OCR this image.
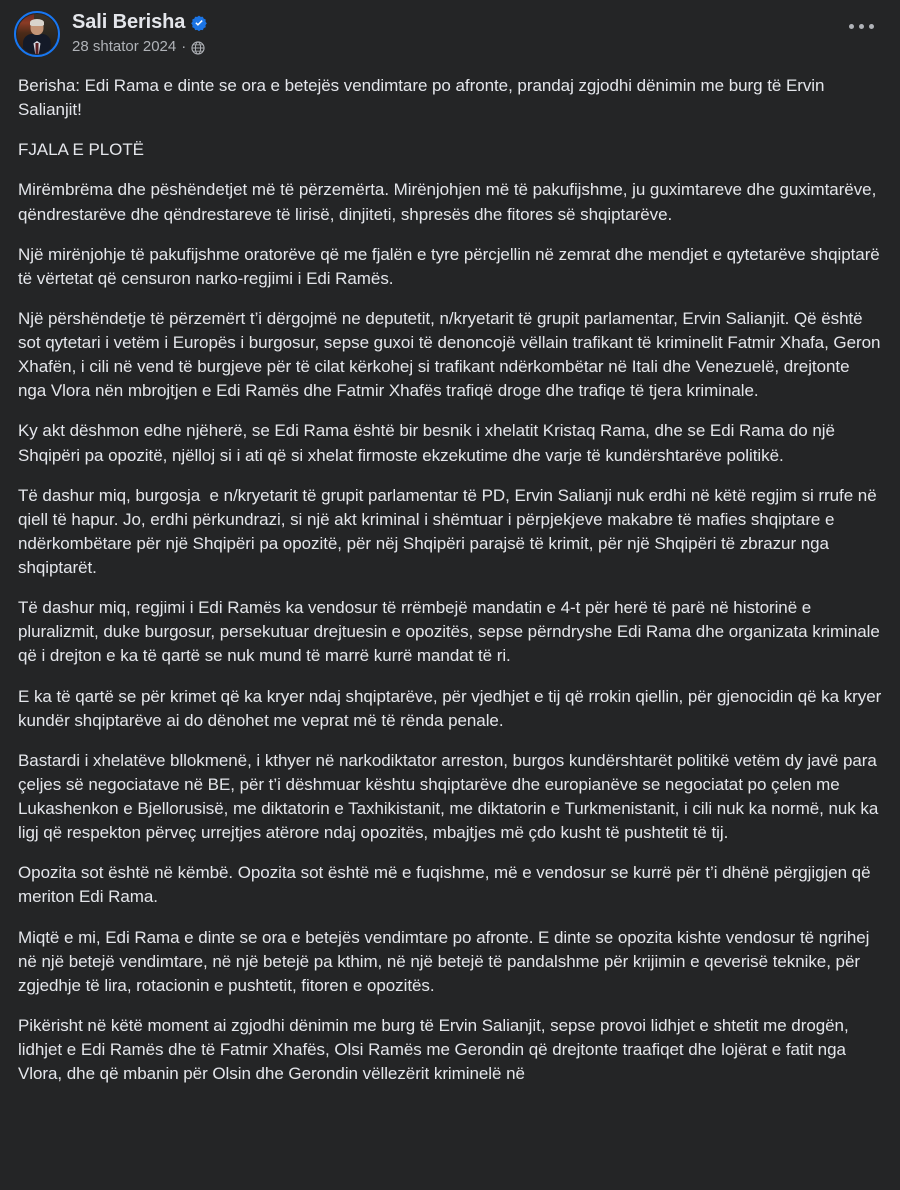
Sali Berisha
28 shtator 2024 ·

Berisha: Edi Rama e dinte se ora e betejës vendimtare po afronte, prandaj zgjodhi dënimin me burg të Ervin Salianjit!

FJALA E PLOTË

Mirëmbrëma dhe pëshëndetjet më të përzemërta. Mirënjohjen më të pakufijshme, ju guximtareve dhe guximtarëve, qëndrestarëve dhe qëndrestareve të lirisë, dinjiteti, shpresës dhe fitores së shqiptarëve.

Një mirënjohje të pakufijshme oratorëve që me fjalën e tyre përcjellin në zemrat dhe mendjet e qytetarëve shqiptarë të vërtetat që censuron narko-regjimi i Edi Ramës.

Një përshëndetje të përzemërt t’i dërgojmë ne deputetit, n/kryetarit të grupit parlamentar, Ervin Salianjit. Që është sot qytetari i vetëm i Europës i burgosur, sepse guxoi të denoncojë vëllain trafikant të kriminelit Fatmir Xhafa, Geron Xhafën, i cili në vend të burgjeve për të cilat kërkohej si trafikant ndërkombëtar në Itali dhe Venezuelë, drejtonte nga Vlora nën mbrojtjen e Edi Ramës dhe Fatmir Xhafës trafiqë droge dhe trafiqe të tjera kriminale.

Ky akt dëshmon edhe njëherë, se Edi Rama është bir besnik i xhelatit Kristaq Rama, dhe se Edi Rama do një Shqipëri pa opozitë, njëlloj si i ati që si xhelat firmoste ekzekutime dhe varje të kundërshtarëve politikë.

Të dashur miq, burgosja  e n/kryetarit të grupit parlamentar të PD, Ervin Salianji nuk erdhi në këtë regjim si rrufe në qiell të hapur. Jo, erdhi përkundrazi, si një akt kriminal i shëmtuar i përpjekjeve makabre të mafies shqiptare e ndërkombëtare për një Shqipëri pa opozitë, për nëj Shqipëri parajsë të krimit, për një Shqipëri të zbrazur nga shqiptarët.

Të dashur miq, regjimi i Edi Ramës ka vendosur të rrëmbejë mandatin e 4-t për herë të parë në historinë e pluralizmit, duke burgosur, persekutuar drejtuesin e opozitës, sepse përndryshe Edi Rama dhe organizata kriminale që i drejton e ka të qartë se nuk mund të marrë kurrë mandat të ri.

E ka të qartë se për krimet që ka kryer ndaj shqiptarëve, për vjedhjet e tij që rrokin qiellin, për gjenocidin që ka kryer kundër shqiptarëve ai do dënohet me veprat më të rënda penale.

Bastardi i xhelatëve bllokmenë, i kthyer në narkodiktator arreston, burgos kundërshtarët politikë vetëm dy javë para çeljes së negociatave në BE, për t’i dëshmuar kështu shqiptarëve dhe europianëve se negociatat po çelen me Lukashenkon e Bjellorusisë, me diktatorin e Taxhikistanit, me diktatorin e Turkmenistanit, i cili nuk ka normë, nuk ka ligj që respekton përveç urrejtjes atërore ndaj opozitës, mbajtjes më çdo kusht të pushtetit të tij.

Opozita sot është në këmbë. Opozita sot është më e fuqishme, më e vendosur se kurrë për t’i dhënë përgjigjen që meriton Edi Rama.

Miqtë e mi, Edi Rama e dinte se ora e betejës vendimtare po afronte. E dinte se opozita kishte vendosur të ngrihej në një betejë vendimtare, në një betejë pa kthim, në një betejë të pandalshme për krijimin e qeverisë teknike, për zgjedhje të lira, rotacionin e pushtetit, fitoren e opozitës.

Pikërisht në këtë moment ai zgjodhi dënimin me burg të Ervin Salianjit, sepse provoi lidhjet e shtetit me drogën, lidhjet e Edi Ramës dhe të Fatmir Xhafës, Olsi Ramës me Gerondin që drejtonte traafiqet dhe lojërat e fatit nga Vlora, dhe që mbanin për Olsin dhe Gerondin vëllezërit kriminelë në
